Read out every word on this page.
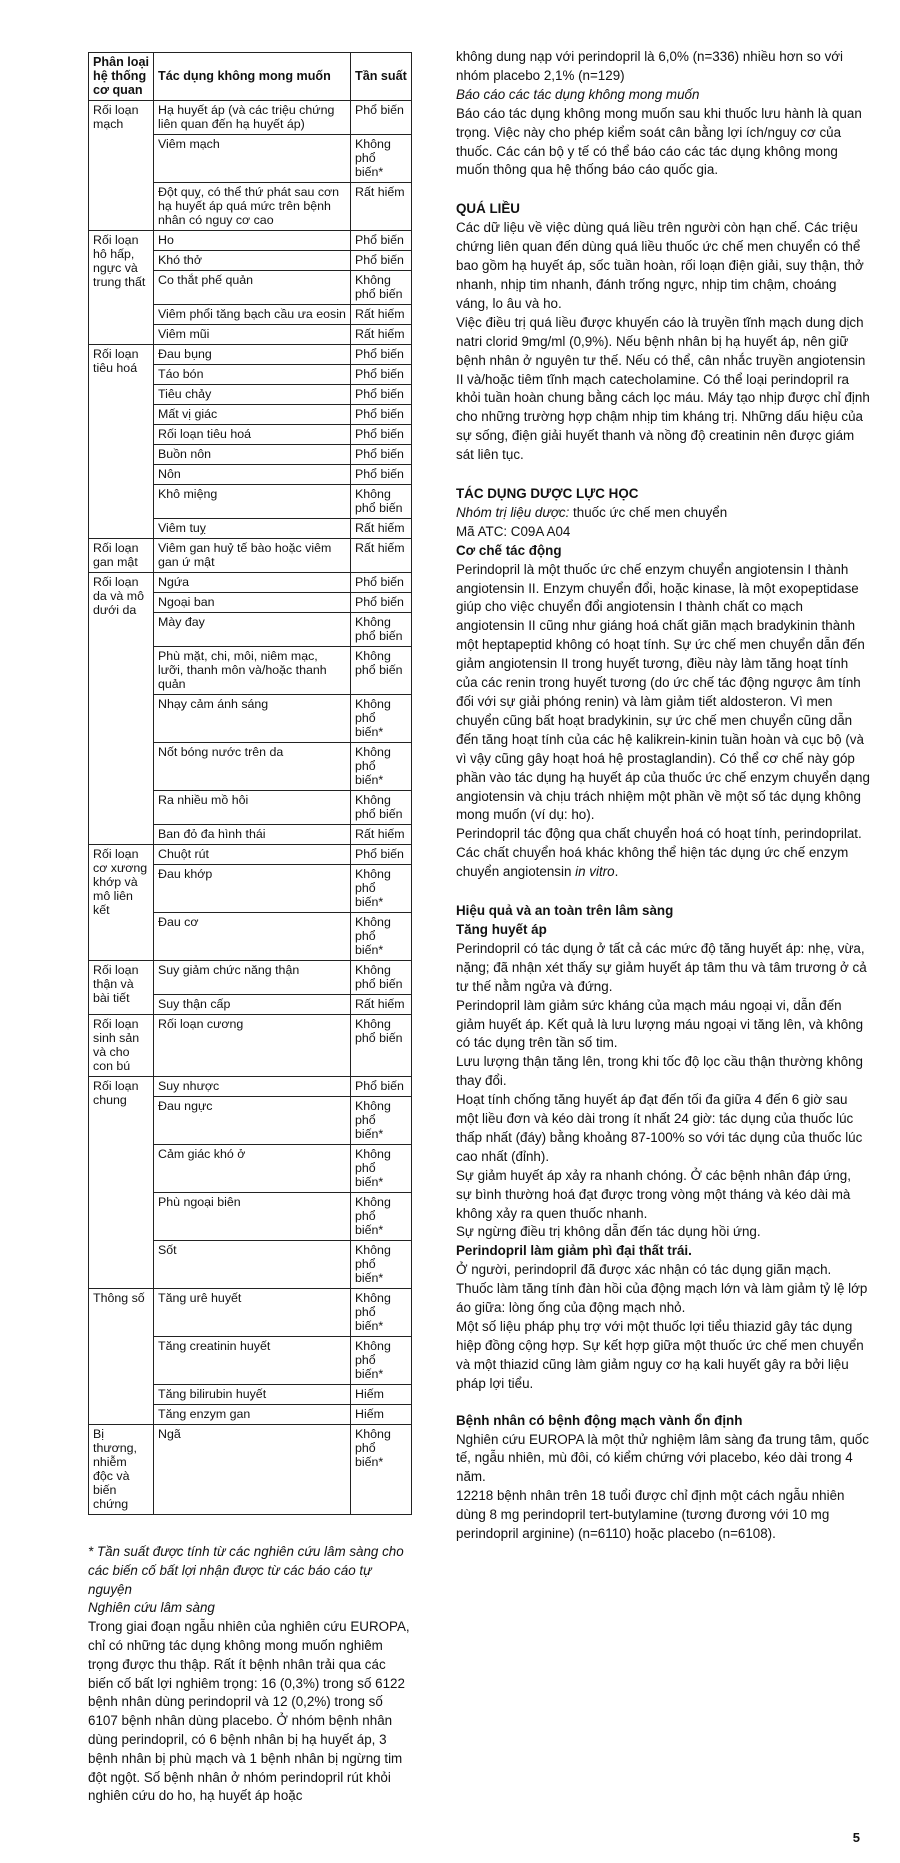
Phân loại hệ thống cơ quan	Tác dụng không mong muốn	Tần suất
Rối loạn mạch	Hạ huyết áp (và các triệu chứng liên quan đến hạ huyết áp)	Phổ biến
	Viêm mạch	Không phổ biến*
	Đột quỵ, có thể thứ phát sau cơn hạ huyết áp quá mức trên bệnh nhân có nguy cơ cao	Rất hiếm
Rối loạn hô hấp, ngực và trung thất	Ho	Phổ biến
	Khó thở	Phổ biến
	Co thắt phế quản	Không phổ biến
	Viêm phổi tăng bạch cầu ưa eosin	Rất hiếm
	Viêm mũi	Rất hiếm
Rối loạn tiêu hoá	Đau bụng	Phổ biến
	Táo bón	Phổ biến
	Tiêu chảy	Phổ biến
	Mất vị giác	Phổ biến
	Rối loạn tiêu hoá	Phổ biến
	Buồn nôn	Phổ biến
	Nôn	Phổ biến
	Khô miệng	Không phổ biến
	Viêm tuỵ	Rất hiếm
Rối loạn gan mật	Viêm gan huỷ tế bào hoặc viêm gan ứ mật	Rất hiếm
Rối loạn da và mô dưới da	Ngứa	Phổ biến
	Ngoại ban	Phổ biến
	Mày đay	Không phổ biến
	Phù mặt, chi, môi, niêm mạc, lưỡi, thanh môn và/hoặc thanh quản	Không phổ biến
	Nhạy cảm ánh sáng	Không phổ biến*
	Nốt bóng nước trên da	Không phổ biến*
	Ra nhiều mồ hôi	Không phổ biến
	Ban đỏ đa hình thái	Rất hiếm
Rối loạn cơ xương khớp và mô liên kết	Chuột rút	Phổ biến
	Đau khớp	Không phổ biến*
	Đau cơ	Không phổ biến*
Rối loạn thận và bài tiết	Suy giảm chức năng thận	Không phổ biến
	Suy thận cấp	Rất hiếm
Rối loạn sinh sản và cho con bú	Rối loạn cương	Không phổ biến
Rối loạn chung	Suy nhược	Phổ biến
	Đau ngực	Không phổ biến*
	Cảm giác khó ở	Không phổ biến*
	Phù ngoại biên	Không phổ biến*
	Sốt	Không phổ biến*
Thông số	Tăng urê huyết	Không phổ biến*
	Tăng creatinin huyết	Không phổ biến*
	Tăng bilirubin huyết	Hiếm
	Tăng enzym gan	Hiếm
Bị thương, nhiễm độc và biến chứng	Ngã	Không phổ biến*

* Tần suất được tính từ các nghiên cứu lâm sàng cho các biến cố bất lợi nhận được từ các báo cáo tự nguyện

Nghiên cứu lâm sàng

Trong giai đoạn ngẫu nhiên của nghiên cứu EUROPA, chỉ có những tác dụng không mong muốn nghiêm trọng được thu thập. Rất ít bệnh nhân trải qua các biến cố bất lợi nghiêm trọng: 16 (0,3%) trong số 6122 bệnh nhân dùng perindopril và 12 (0,2%) trong số 6107 bệnh nhân dùng placebo. Ở nhóm bệnh nhân dùng perindopril, có 6 bệnh nhân bị hạ huyết áp, 3 bệnh nhân bị phù mạch và 1 bệnh nhân bị ngừng tim đột ngột. Số bệnh nhân ở nhóm perindopril rút khỏi nghiên cứu do ho, hạ huyết áp hoặc

không dung nạp với perindopril là 6,0% (n=336) nhiều hơn so với nhóm placebo 2,1% (n=129)

Báo cáo các tác dụng không mong muốn

Báo cáo tác dụng không mong muốn sau khi thuốc lưu hành là quan trọng. Việc này cho phép kiểm soát cân bằng lợi ích/nguy cơ của thuốc. Các cán bộ y tế có thể báo cáo các tác dụng không mong muốn thông qua hệ thống báo cáo quốc gia.

QUÁ LIỀU

Các dữ liệu về việc dùng quá liều trên người còn hạn chế. Các triệu chứng liên quan đến dùng quá liều thuốc ức chế men chuyển có thể bao gồm hạ huyết áp, sốc tuần hoàn, rối loạn điện giải, suy thận, thở nhanh, nhịp tim nhanh, đánh trống ngực, nhịp tim chậm, choáng váng, lo âu và ho.

Việc điều trị quá liều được khuyến cáo là truyền tĩnh mạch dung dịch natri clorid 9mg/ml (0,9%). Nếu bệnh nhân bị hạ huyết áp, nên giữ bệnh nhân ở nguyên tư thế. Nếu có thể, cân nhắc truyền angiotensin II và/hoặc tiêm tĩnh mạch catecholamine. Có thể loại perindopril ra khỏi tuần hoàn chung bằng cách lọc máu. Máy tạo nhịp được chỉ định cho những trường hợp chậm nhịp tim kháng trị. Những dấu hiệu của sự sống, điện giải huyết thanh và nồng độ creatinin nên được giám sát liên tục.

TÁC DỤNG DƯỢC LỰC HỌC

Nhóm trị liệu dược: thuốc ức chế men chuyển

Mã ATC: C09A A04

Cơ chế tác động

Perindopril là một thuốc ức chế enzym chuyển angiotensin I thành angiotensin II. Enzym chuyển đổi, hoặc kinase, là một exopeptidase giúp cho việc chuyển đổi angiotensin I thành chất co mạch angiotensin II cũng như giáng hoá chất giãn mạch bradykinin thành một heptapeptid không có hoạt tính. Sự ức chế men chuyển dẫn đến giảm angiotensin II trong huyết tương, điều này làm tăng hoạt tính của các renin trong huyết tương (do ức chế tác động ngược âm tính đối với sự giải phóng renin) và làm giảm tiết aldosteron. Vì men chuyển cũng bất hoạt bradykinin, sự ức chế men chuyển cũng dẫn đến tăng hoạt tính của các hệ kalikrein-kinin tuần hoàn và cục bộ (và vì vậy cũng gây hoạt hoá hệ prostaglandin). Có thể cơ chế này góp phần vào tác dụng hạ huyết áp của thuốc ức chế enzym chuyển dạng angiotensin và chịu trách nhiệm một phần về một số tác dụng không mong muốn (ví dụ: ho).

Perindopril tác động qua chất chuyển hoá có hoạt tính, perindoprilat. Các chất chuyển hoá khác không thể hiện tác dụng ức chế enzym chuyển angiotensin in vitro.

Hiệu quả và an toàn trên lâm sàng

Tăng huyết áp

Perindopril có tác dụng ở tất cả các mức độ tăng huyết áp: nhẹ, vừa, nặng; đã nhận xét thấy sự giảm huyết áp tâm thu và tâm trương ở cả tư thế nằm ngửa và đứng.

Perindopril làm giảm sức kháng của mạch máu ngoại vi, dẫn đến giảm huyết áp. Kết quả là lưu lượng máu ngoại vi tăng lên, và không có tác dụng trên tần số tim.

Lưu lượng thận tăng lên, trong khi tốc độ lọc cầu thận thường không thay đổi.

Hoạt tính chống tăng huyết áp đạt đến tối đa giữa 4 đến 6 giờ sau một liều đơn và kéo dài trong ít nhất 24 giờ: tác dụng của thuốc lúc thấp nhất (đáy) bằng khoảng 87-100% so với tác dụng của thuốc lúc cao nhất (đỉnh).

Sự giảm huyết áp xảy ra nhanh chóng. Ở các bệnh nhân đáp ứng, sự bình thường hoá đạt được trong vòng một tháng và kéo dài mà không xảy ra quen thuốc nhanh.

Sự ngừng điều trị không dẫn đến tác dụng hồi ứng.

Perindopril làm giảm phì đại thất trái.

Ở người, perindopril đã được xác nhận có tác dụng giãn mạch. Thuốc làm tăng tính đàn hồi của động mạch lớn và làm giảm tỷ lệ lớp áo giữa: lòng ống của động mạch nhỏ.

Một số liệu pháp phụ trợ với một thuốc lợi tiểu thiazid gây tác dụng hiệp đồng cộng hợp. Sự kết hợp giữa một thuốc ức chế men chuyển và một thiazid cũng làm giảm nguy cơ hạ kali huyết gây ra bởi liệu pháp lợi tiểu.

Bệnh nhân có bệnh động mạch vành ổn định

Nghiên cứu EUROPA là một thử nghiệm lâm sàng đa trung tâm, quốc tế, ngẫu nhiên, mù đôi, có kiểm chứng với placebo, kéo dài trong 4 năm.

12218 bệnh nhân trên 18 tuổi được chỉ định một cách ngẫu nhiên dùng 8 mg perindopril tert-butylamine (tương đương với 10 mg perindopril arginine) (n=6110) hoặc placebo (n=6108).

5
